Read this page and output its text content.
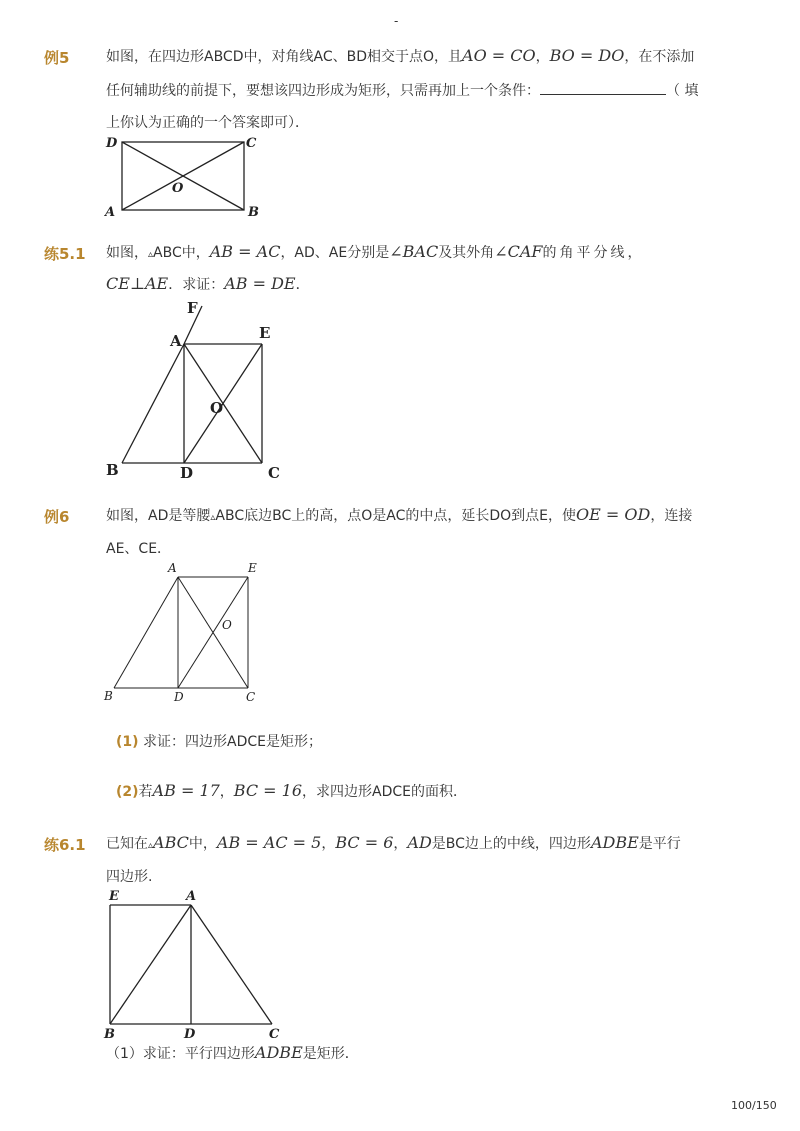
-
例5	如图，在四边形ABCD中，对角线AC、BD相交于点O，且AO = CO，BO = DO，在不添加
任何辅助线的前提下，要想该四边形成为矩形，只需再加上一个条件：	（ 填
上你认为正确的一个答案即可）．
D	C
O
A	B
练5.1 如图，▵ABC中，AB = AC，AD、AE分别是∠BAC及其外角∠CAF的角平分线，
CE⊥AE．求证：AB = DE．
F
A	E
O
B	D	C
例6	如图，AD是等腰▵ABC底边BC上的高，点O是AC的中点，延长DO到点E，使OE = OD，连接
AE、CE．
A	E
O
B	D	C
(1) 求证：四边形ADCE是矩形；
(2)若AB = 17，BC = 16，求四边形ADCE的面积．
练6.1 已知在▵ABC中，AB = AC = 5，BC = 6，AD是BC边上的中线，四边形ADBE是平行
四边形.
E	A
B	D	C
（1）求证：平行四边形ADBE是矩形．
100/150
